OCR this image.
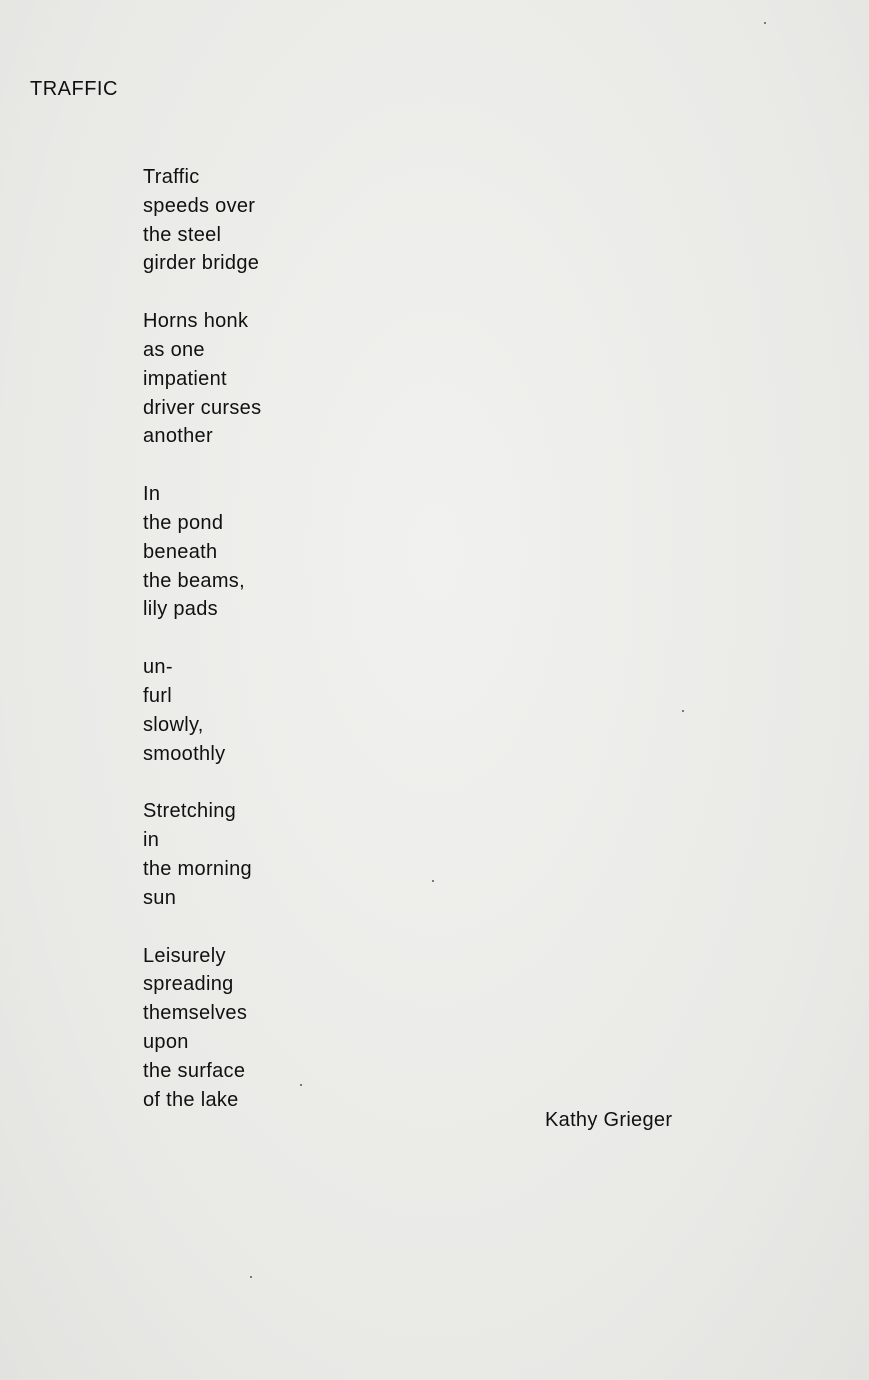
TRAFFIC
Traffic
speeds over
the steel
girder bridge
Horns honk
as one
impatient
driver curses
another
In
the pond
beneath
the beams,
lily pads
un-
furl
slowly,
smoothly
Stretching
in
the morning
sun
Leisurely
spreading
themselves
upon
the surface
of the lake

Kathy Grieger
